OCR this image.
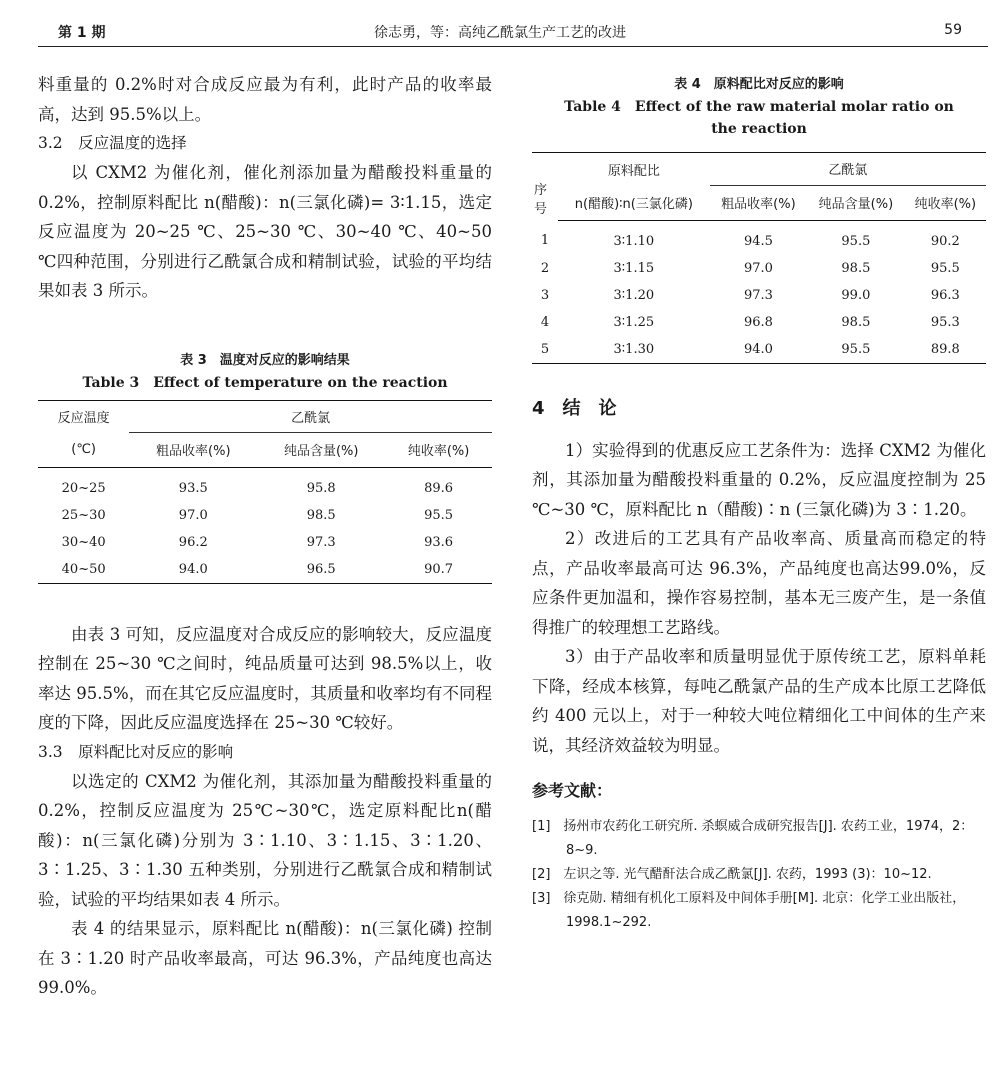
第 1 期	徐志勇，等：高纯乙酰氯生产工艺的改进	59

料重量的 0.2%时对合成反应最为有利，此时产品的收率最高，达到 95.5%以上。

3.2　反应温度的选择

以 CXM2 为催化剂，催化剂添加量为醋酸投料重量的0.2%，控制原料配比 n(醋酸)：n(三氯化磷)= 3∶1.15，选定反应温度为 20~25 ℃、25~30 ℃、30~40 ℃、40~50 ℃四种范围，分别进行乙酰氯合成和精制试验，试验的平均结果如表 3 所示。

表 3　温度对反应的影响结果

Table 3　Effect of temperature on the reaction

反应温度	乙酰氯		
(℃)	粗品收率(%)	纯品含量(%)	纯收率(%)
20~25	93.5	95.8	89.6
25~30	97.0	98.5	95.5
30~40	96.2	97.3	93.6
40~50	94.0	96.5	90.7

由表 3 可知，反应温度对合成反应的影响较大，反应温度控制在 25~30 ℃之间时，纯品质量可达到 98.5%以上，收率达 95.5%，而在其它反应温度时，其质量和收率均有不同程度的下降，因此反应温度选择在 25~30 ℃较好。

3.3　原料配比对反应的影响

以选定的 CXM2 为催化剂，其添加量为醋酸投料重量的 0.2%，控制反应温度为 25℃~30℃，选定原料配比n(醋酸)：n(三氯化磷)分别为 3∶1.10、3∶1.15、3∶1.20、3∶1.25、3∶1.30 五种类别，分别进行乙酰氯合成和精制试验，试验的平均结果如表 4 所示。

表 4 的结果显示，原料配比 n(醋酸)：n(三氯化磷) 控制在 3∶1.20 时产品收率最高，可达 96.3%，产品纯度也高达 99.0%。

表 4　原料配比对反应的影响

Table 4　Effect of the raw material molar ratio on the reaction

序号	原料配比	乙酰氯		
	n(醋酸)∶n(三氯化磷)	粗品收率(%)	纯品含量(%)	纯收率(%)
1	3∶1.10	94.5	95.5	90.2
2	3∶1.15	97.0	98.5	95.5
3	3∶1.20	97.3	99.0	96.3
4	3∶1.25	96.8	98.5	95.3
5	3∶1.30	94.0	95.5	89.8

4　结　论

1）实验得到的优惠反应工艺条件为：选择 CXM2 为催化剂，其添加量为醋酸投料重量的 0.2%，反应温度控制为 25 ℃~30 ℃，原料配比 n（醋酸)∶n (三氯化磷)为 3∶1.20。

2）改进后的工艺具有产品收率高、质量高而稳定的特点，产品收率最高可达 96.3%，产品纯度也高达99.0%，反应条件更加温和，操作容易控制，基本无三废产生，是一条值得推广的较理想工艺路线。

3）由于产品收率和质量明显优于原传统工艺，原料单耗下降，经成本核算，每吨乙酰氯产品的生产成本比原工艺降低约 400 元以上，对于一种较大吨位精细化工中间体的生产来说，其经济效益较为明显。

参考文献：

[1]　扬州市农药化工研究所. 杀螟威合成研究报告[J]. 农药工业，1974，2：8~9.

[2]　左识之等. 光气醋酐法合成乙酰氯[J]. 农药，1993 (3)：10~12.

[3]　徐克勋. 精细有机化工原料及中间体手册[M]. 北京：化学工业出版社，1998.1~292.
